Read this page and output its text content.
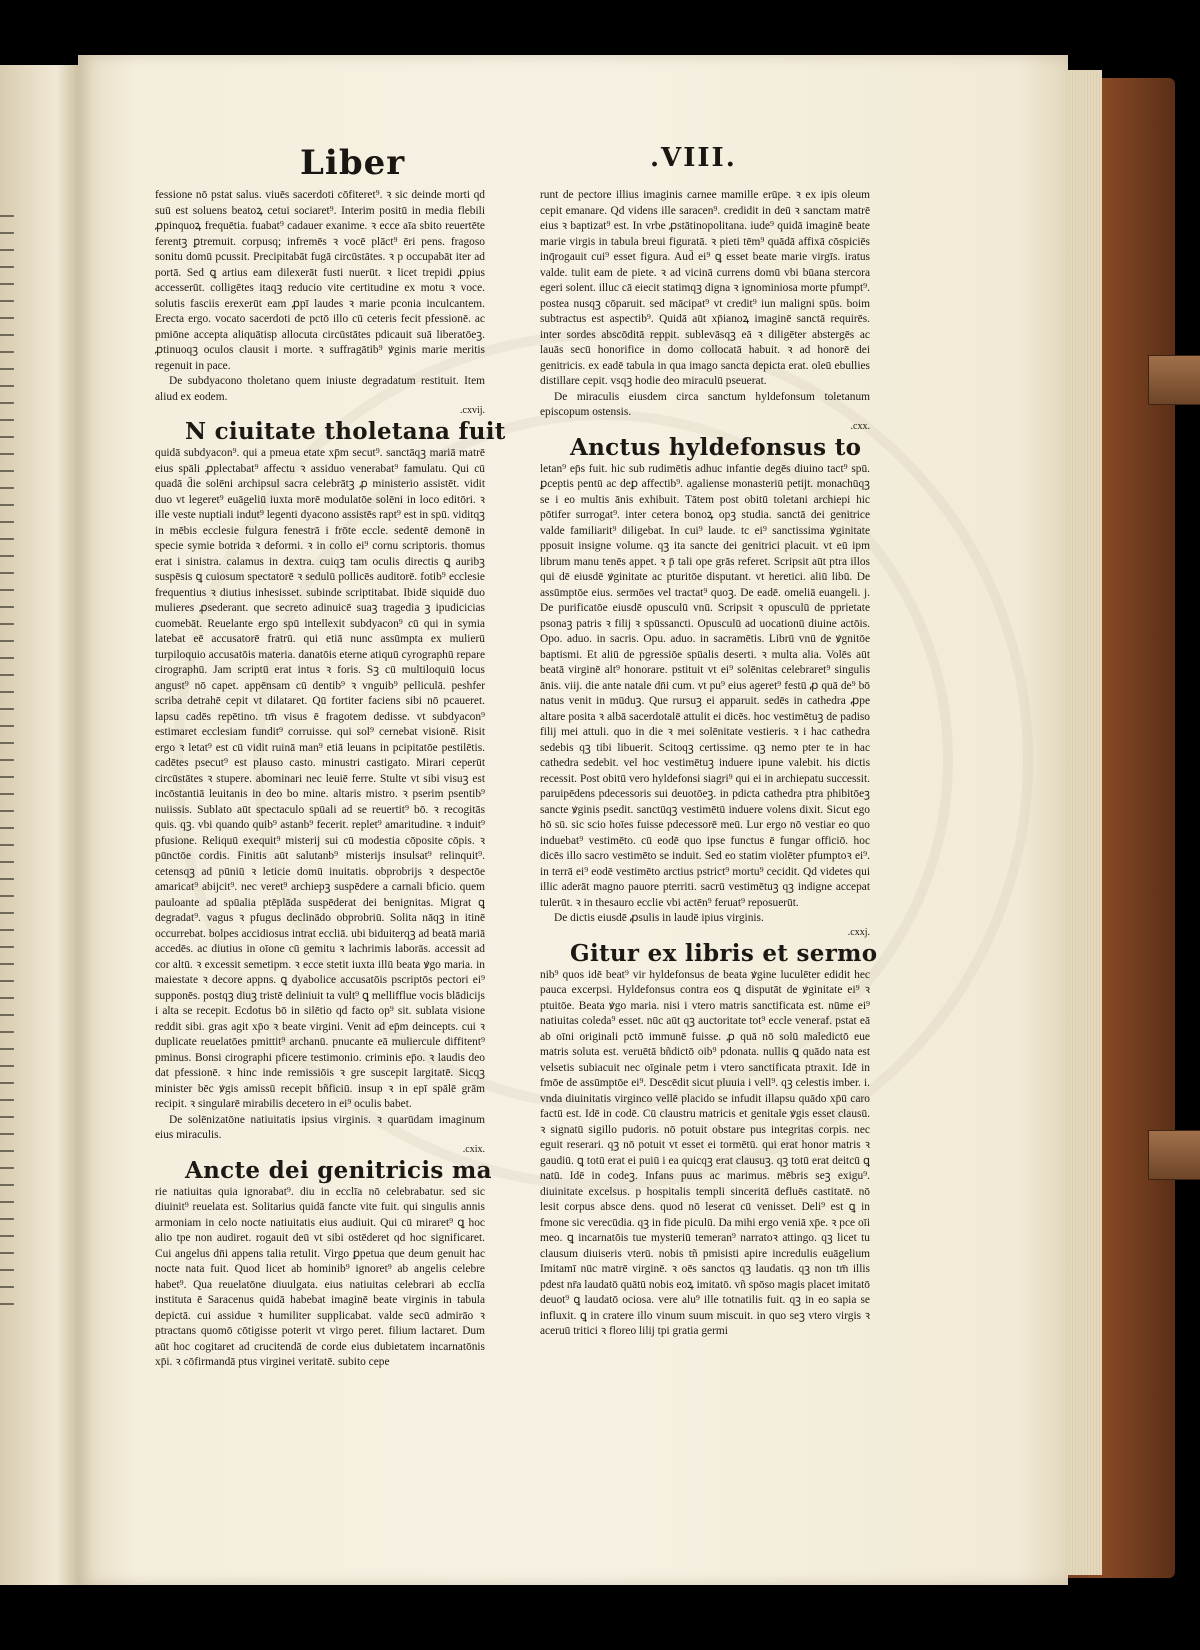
Liber	.VIII.

fessione nō pstat salus. viuēs sacerdoti cōfiteret⁹. ꝛ sic deinde morti qd suū est soluens beatoꝝ cetui sociaret⁹. Interim positū in media flebili ꝓpinquoꝝ frequētia. fuabat⁹ cadauer exanime. ꝛ ecce aīa sbito reuertēte ferentꝫ ꝑtremuit. corpusq; infremēs ꝛ vocē plāct⁹ ēri pens. fragoso sonitu domū pcussit. Precipitabāt fugā circūstātes. ꝛ p occupabāt iter ad portā. Sed ꝗ artius eam dilexerāt fusti nuerūt. ꝛ licet trepidi ꝓpius accesserūt. colligētes itaqꝫ reducio vite certitudine ex motu ꝛ voce. solutis fasciis erexerūt eam ꝓpī laudes ꝛ marie pconia inculcantem. Erecta ergo. vocato sacerdoti de pctō illo cū ceteris fecit pfessionē. ac pmiōne accepta aliquātisp allocuta circūstātes pdicauit suā liberatōeꝫ. ꝓtinuoqꝫ oculos clausit i morte. ꝛ suffragātib⁹ ꝟginis marie meritis regenuit in pace.

De subdyacono tholetano quem iniuste degradatum restituit. Item aliud ex eodem.

.cxvij.

N ciuitate tholetana fuit

quidā subdyacon⁹. qui a pmeua etate xp̄m secut⁹. sanctāqꝫ mariā matrē eius spāli ꝓplectabat⁹ affectu ꝛ assiduo venerabat⁹ famulatu. Qui cū quadā d̄ie solēni archipsul sacra celebrātꝫ ꝓ ministerio assistēt. vidit duo vt legeret⁹ euāgeliū iuxta morē modulatōe solēni in loco editōri. ꝛ ille veste nuptiali indut⁹ legenti dyacono assistēs rapt⁹ est in spū. viditqꝫ in mēbis ecclesie fulgura fenestrā i frōte eccle. sedentē demonē in specie symie botrida ꝛ deformi. ꝛ in collo ei⁹ cornu scriptoris. thomus erat i sinistra. calamus in dextra. cuiqꝫ tam oculis directis ꝗ auribꝫ suspēsis ꝗ cuiosum spectatorē ꝛ sedulū pollicēs auditorē. fotib⁹ ecclesie frequentius ꝛ diutius inhesisset. subinde scriptitabat. Ibidē siquidē duo mulieres ꝓsederant. que secreto adinuicē suaꝫ tragedia ꝫ ipudicicias cuomebāt. Reuelante ergo spū intellexit subdyacon⁹ cū qui in symia latebat eē accusatorē fratrū. qui etiā nunc assūmpta ex mulierū turpiloquio accusatōis materia. danatōis eterne atiquū cyrographū repare cirographū. Jam scriptū erat intus ꝛ foris. Sꝫ cū multiloquiū locus angust⁹ nō capet. appēnsam cū dentib⁹ ꝛ vnguib⁹ pelliculā. peshfer scriba detrahē cepit vt dilataret. Qū fortiter faciens sibi nō pcaueret. lapsu cadēs repētino. tm̄ visus ē fragotem dedisse. vt subdyacon⁹ estimaret ecclesiam fundit⁹ corruisse. qui sol⁹ cernebat visionē. Risit ergo ꝛ letat⁹ est cū vidit ruinā man⁹ etiā leuans in pcipitatōe pestilētis. cadētes psecut⁹ est plauso casto. minustri castigato. Mirari ceperūt circūstātes ꝛ stupere. abominari nec leuiē ferre. Stulte vt sibi visuꝫ est incōstantiā leuitanis in deo bo mine. altaris mistro. ꝛ pserim psentib⁹ nuiissis. Sublato aūt spectaculo spūali ad se reuertit⁹ bō. ꝛ recogitās quis. qꝫ. vbi quando quib⁹ astanb⁹ fecerit. replet⁹ amaritudine. ꝛ induit⁹ pfusione. Reliquū exequit⁹ misterij sui cū modestia cōposite cōpis. ꝛ pūnctōe cordis. Finitis aūt salutanb⁹ misterijs insulsat⁹ relinquit⁹. cetensqꝫ ad pūniū ꝛ leticie domū inuitatis. obprobrijs ꝛ despectōe amaricat⁹ abijcit⁹. nec veret⁹ archiepꝫ suspēdere a carnali bficio. quem pauloante ad spūalia ptēplāda suspēderat dei benignitas. Migrat ꝗ degradat⁹. vagus ꝛ pfugus declinādo obprobriū. Solita nāqꝫ in itinē occurrebat. bolpes accidiosus intrat eccliā. ubi biduiterqꝫ ad beatā mariā accedēs. ac diutius in oīone cū gemitu ꝛ lachrimis laborās. accessit ad cor altū. ꝛ excessit semetipm. ꝛ ecce stetit iuxta illū beata ꝟgo maria. in maiestate ꝛ decore appns. ꝗ dyabolice accusatōis pscriptōs pectori ei⁹ supponēs. postqꝫ diuꝫ tristē deliniuit ta vult⁹ ꝗ mellifflue vocis blādicijs i alta se recepit. Ecdotus bō in silētio qd facto op⁹ sit. sublata visione reddit sibi. gras agit xp̄o ꝛ beate virgini. Venit ad ep̄m deincepts. cui ꝛ duplicate reuelatōes pmittit⁹ archanū. pnucante eā muliercule diffitent⁹ pminus. Bonsi cirographi pficere testimonio. criminis ep̄o. ꝛ laudis deo dat pfessionē. ꝛ hinc inde remissiōis ꝛ gre suscepit largitatē. Sicqꝫ minister bēc ꝟgis amissū recepit bñficiū. insup ꝛ in epī spālē grām recipit. ꝛ singularē mirabilis decetero in ei⁹ oculis babet.

De solēnizatōne natiuitatis ipsius virginis. ꝛ quarūdam imaginum eius miraculis.

.cxix.

Ancte dei genitricis ma

rie natiuitas quia ignorabat⁹. diu in ecclīa nō celebrabatur. sed sic diuinit⁹ reuelata est. Solitarius quidā fancte vite fuit. qui singulis annis armoniam in celo nocte natiuitatis eius audiuit. Qui cū miraret⁹ ꝗ hoc alio tpe non audiret. rogauit deū vt sibi ostēderet qd hoc significaret. Cui angelus dn̄i appens talia retulit. Virgo ꝑpetua que deum genuit hac nocte nata fuit. Quod licet ab hominib⁹ ignoret⁹ ab angelis celebre habet⁹. Qua reuelatōne diuulgata. eius natiuitas celebrari ab ecclīa instituta ē Saracenus quidā habebat imaginē beate virginis in tabula depictā. cui assidue ꝛ humiliter supplicabat. valde secū admirāo ꝛ ptractans quomō cōtigisse poterit vt virgo peret. filium lactaret. Dum aūt hoc cogitaret ad crucitendā de corde eius dubietatem incarnatōnis xp̄i. ꝛ cōfirmandā ptus virginei veritatē. subito cepe

runt de pectore illius imaginis carnee mamille erūpe. ꝛ ex ipis oleum cepit emanare. Qd videns ille saracen⁹. credidit in deū ꝛ sanctam matrē eius ꝛ baptizat⁹ est. In vrbe ꝓstātinopolitana. iude⁹ quidā imaginē beate marie virgis in tabula breui figuratā. ꝛ pieti tēm⁹ quādā affixā cōspiciēs inq̄rogauit cui⁹ esset figura. Aud̄ ei⁹ ꝗ esset beate marie virgīs. iratus valde. tulit eam de piete. ꝛ ad vicinā currens domū vbi būana stercora egeri solent. illuc cā eiecit statimqꝫ digna ꝛ ignominiosa morte pfumpt⁹. postea nusqꝫ cōparuit. sed mācipat⁹ vt credit⁹ iun maligni spūs. boim subtractus est aspectib⁹. Quidā aūt xp̄ianoꝝ imaginē sanctā requirēs. inter sordes abscōditā reppit. sublevāsqꝫ eā ꝛ diligēter abstergēs ac lauās secū honorifice in domo collocatā habuit. ꝛ ad honorē dei genitricis. ex eadē tabula in qua imago sancta depicta erat. oleū ebullies distillare cepit. vsqꝫ hodie deo miraculū pseuerat.

De miraculis eiusdem circa sanctum hyldefonsum toletanum episcopum ostensis.

.cxx.

Anctus hyldefonsus to

letan⁹ ep̄s fuit. hic sub rudimētis adhuc infantie degēs diuino tact⁹ spū. ꝑceptis pentū ac deꝑ affectib⁹. agaliense monasteriū petijt. monachūqꝫ se i eo multis ānis exhibuit. Tātem post obitū toletani archiepi hic pōtifer surrogat⁹. inter cetera bonoꝝ opꝫ studia. sanctā dei genitrice valde familiarit⁹ diligebat. In cui⁹ laude. tc ei⁹ sanctissima ꝟginitate pposuit insigne volume. qꝫ ita sancte dei genitrici placuit. vt eū ipm librum manu tenēs appet. ꝛ p̄ tali ope grās referet. Scripsit aūt ptra illos qui dē eiusdē ꝟginitate ac pturitōe disputant. vt heretici. aliū libū. De assūmptōe eius. sermōes vel tractat⁹ quoꝫ. De eadē. omeliā euangeli. j. De purificatōe eiusdē opusculū vnū. Scripsit ꝛ opusculū de pprietate psonaꝫ patris ꝛ filij ꝛ spūssancti. Opusculū ad uocationū diuine actōis. Opo. aduo. in sacris. Opu. aduo. in sacramētis. Librū vnū de ꝟgnitōe baptismi. Et aliū de pgressiōe spūalis deserti. ꝛ multa alia. Volēs aūt beatā virginē alt⁹ honorare. pstituit vt ei⁹ solēnitas celebraret⁹ singulis ānis. viij. die ante natale dn̄i cum. vt pu⁹ eius ageret⁹ festū ꝓ quā de⁹ bō natus venit in mūduꝫ. Que rursuꝫ ei apparuit. sedēs in cathedra ꝓpe altare posita ꝛ albā sacerdotalē attulit ei dicēs. hoc vestimētuꝫ de padiso filij mei attuli. quo in die ꝛ mei solēnitate vestieris. ꝛ i hac cathedra sedebis qꝫ tibi libuerit. Scitoqꝫ certissime. qꝫ nemo pter te in hac cathedra sedebit. vel hoc vestimētuꝫ induere ipune valebit. his dictis recessit. Post obitū vero hyldefonsi siagri⁹ qui ei in archiepatu successit. paruipēdens pdecessoris sui deuotōeꝫ. in pdicta cathedra ptra phibitōeꝫ sancte ꝟginis psedit. sanctūqꝫ vestimētū induere volens dixit. Sicut ego hō sū. sic scio hoīes fuisse pdecessorē meū. Lur ergo nō vestiar eo quo induebat⁹ vestimēto. cū eodē quo ipse functus ē fungar officiō. hoc dicēs illo sacro vestimēto se induit. Sed eo statim violēter pfumptoꝛ ei⁹. in terrā ei⁹ eodē vestimēto arctius pstrict⁹ mortu⁹ cecidit. Qd videtes qui illic aderāt magno pauore pterriti. sacrū vestimētuꝫ qꝫ indigne accepat tulerūt. ꝛ in thesauro ecclie vbi actēn⁹ feruat⁹ reposuerūt.

De dictis eiusdē ꝓsulis in laudē ipius virginis.

.cxxj.

Gitur ex libris et sermo

nib⁹ quos idē beat⁹ vir hyldefonsus de beata ꝟgine luculēter edidit hec pauca excerpsi. Hyldefonsus contra eos ꝗ disputāt de ꝟginitate ei⁹ ꝛ ptuitōe. Beata ꝟgo maria. nisi i vtero matris sanctificata est. nūme ei⁹ natiuitas coleda⁹ esset. nūc aūt qꝫ auctoritate tot⁹ eccle veneraf. pstat eā ab oīni originali pctō immunē fuisse. ꝓ quā nō solū maledictō eue matris soluta est. veruētā bñdictō oib⁹ pdonata. nullis ꝗ quādo nata est velsetis subiacuit nec oīginale petm i vtero sanctificata ptraxit. Idē in fmōe de assūmptōe ei⁹. Descēdit sicut pluuia i vell⁹. qꝫ celestis imber. i. vnda diuinitatis virginco vellē placido se infudit illapsu quādo xp̄ū caro factū est. Idē in codē. Cū claustru matricis et genitale ꝟgis esset clausū. ꝛ signatū sigillo pudoris. nō potuit obstare pus integritas corpis. nec eguit reserari. qꝫ nō potuit vt esset ei tormētū. qui erat honor matris ꝛ gaudiū. ꝗ totū erat ei puiū i ea quicqꝫ erat clausuꝫ. qꝫ totū erat deitcū ꝗ natū. Idē in codeꝫ. Infans puus ac marimus. mēbris seꝫ exigu⁹. diuinitate excelsus. p hospitalis templi sinceritā defluēs castitatē. nō lesit corpus absce dens. quod nō leserat cū venisset. Deli⁹ est ꝗ in fmone sic verecūdia. qꝫ in fide piculū. Da mihi ergo veniā xp̄e. ꝛ pce oīi meo. ꝗ incarnatōis tue mysteriū temeran⁹ narratoꝛ attingo. qꝫ licet tu clausum diuiseris vterū. nobis tñ pmisisti apire incredulis euāgelium Imitamī nūc matrē virginē. ꝛ oēs sanctos qꝫ laudatis. qꝫ non tm̄ illis pdest nr̄a laudatō quātū nobis eoꝝ imitatō. vñ spōso magis placet imitatō deuot⁹ ꝗ laudatō ociosa. vere alu⁹ ille totnatilis fuit. qꝫ in eo sapia se influxit. ꝗ in cratere illo vinum suum miscuit. in quo seꝫ vtero virgis ꝛ aceruū tritici ꝛ floreo lilij tpi gratia germi
